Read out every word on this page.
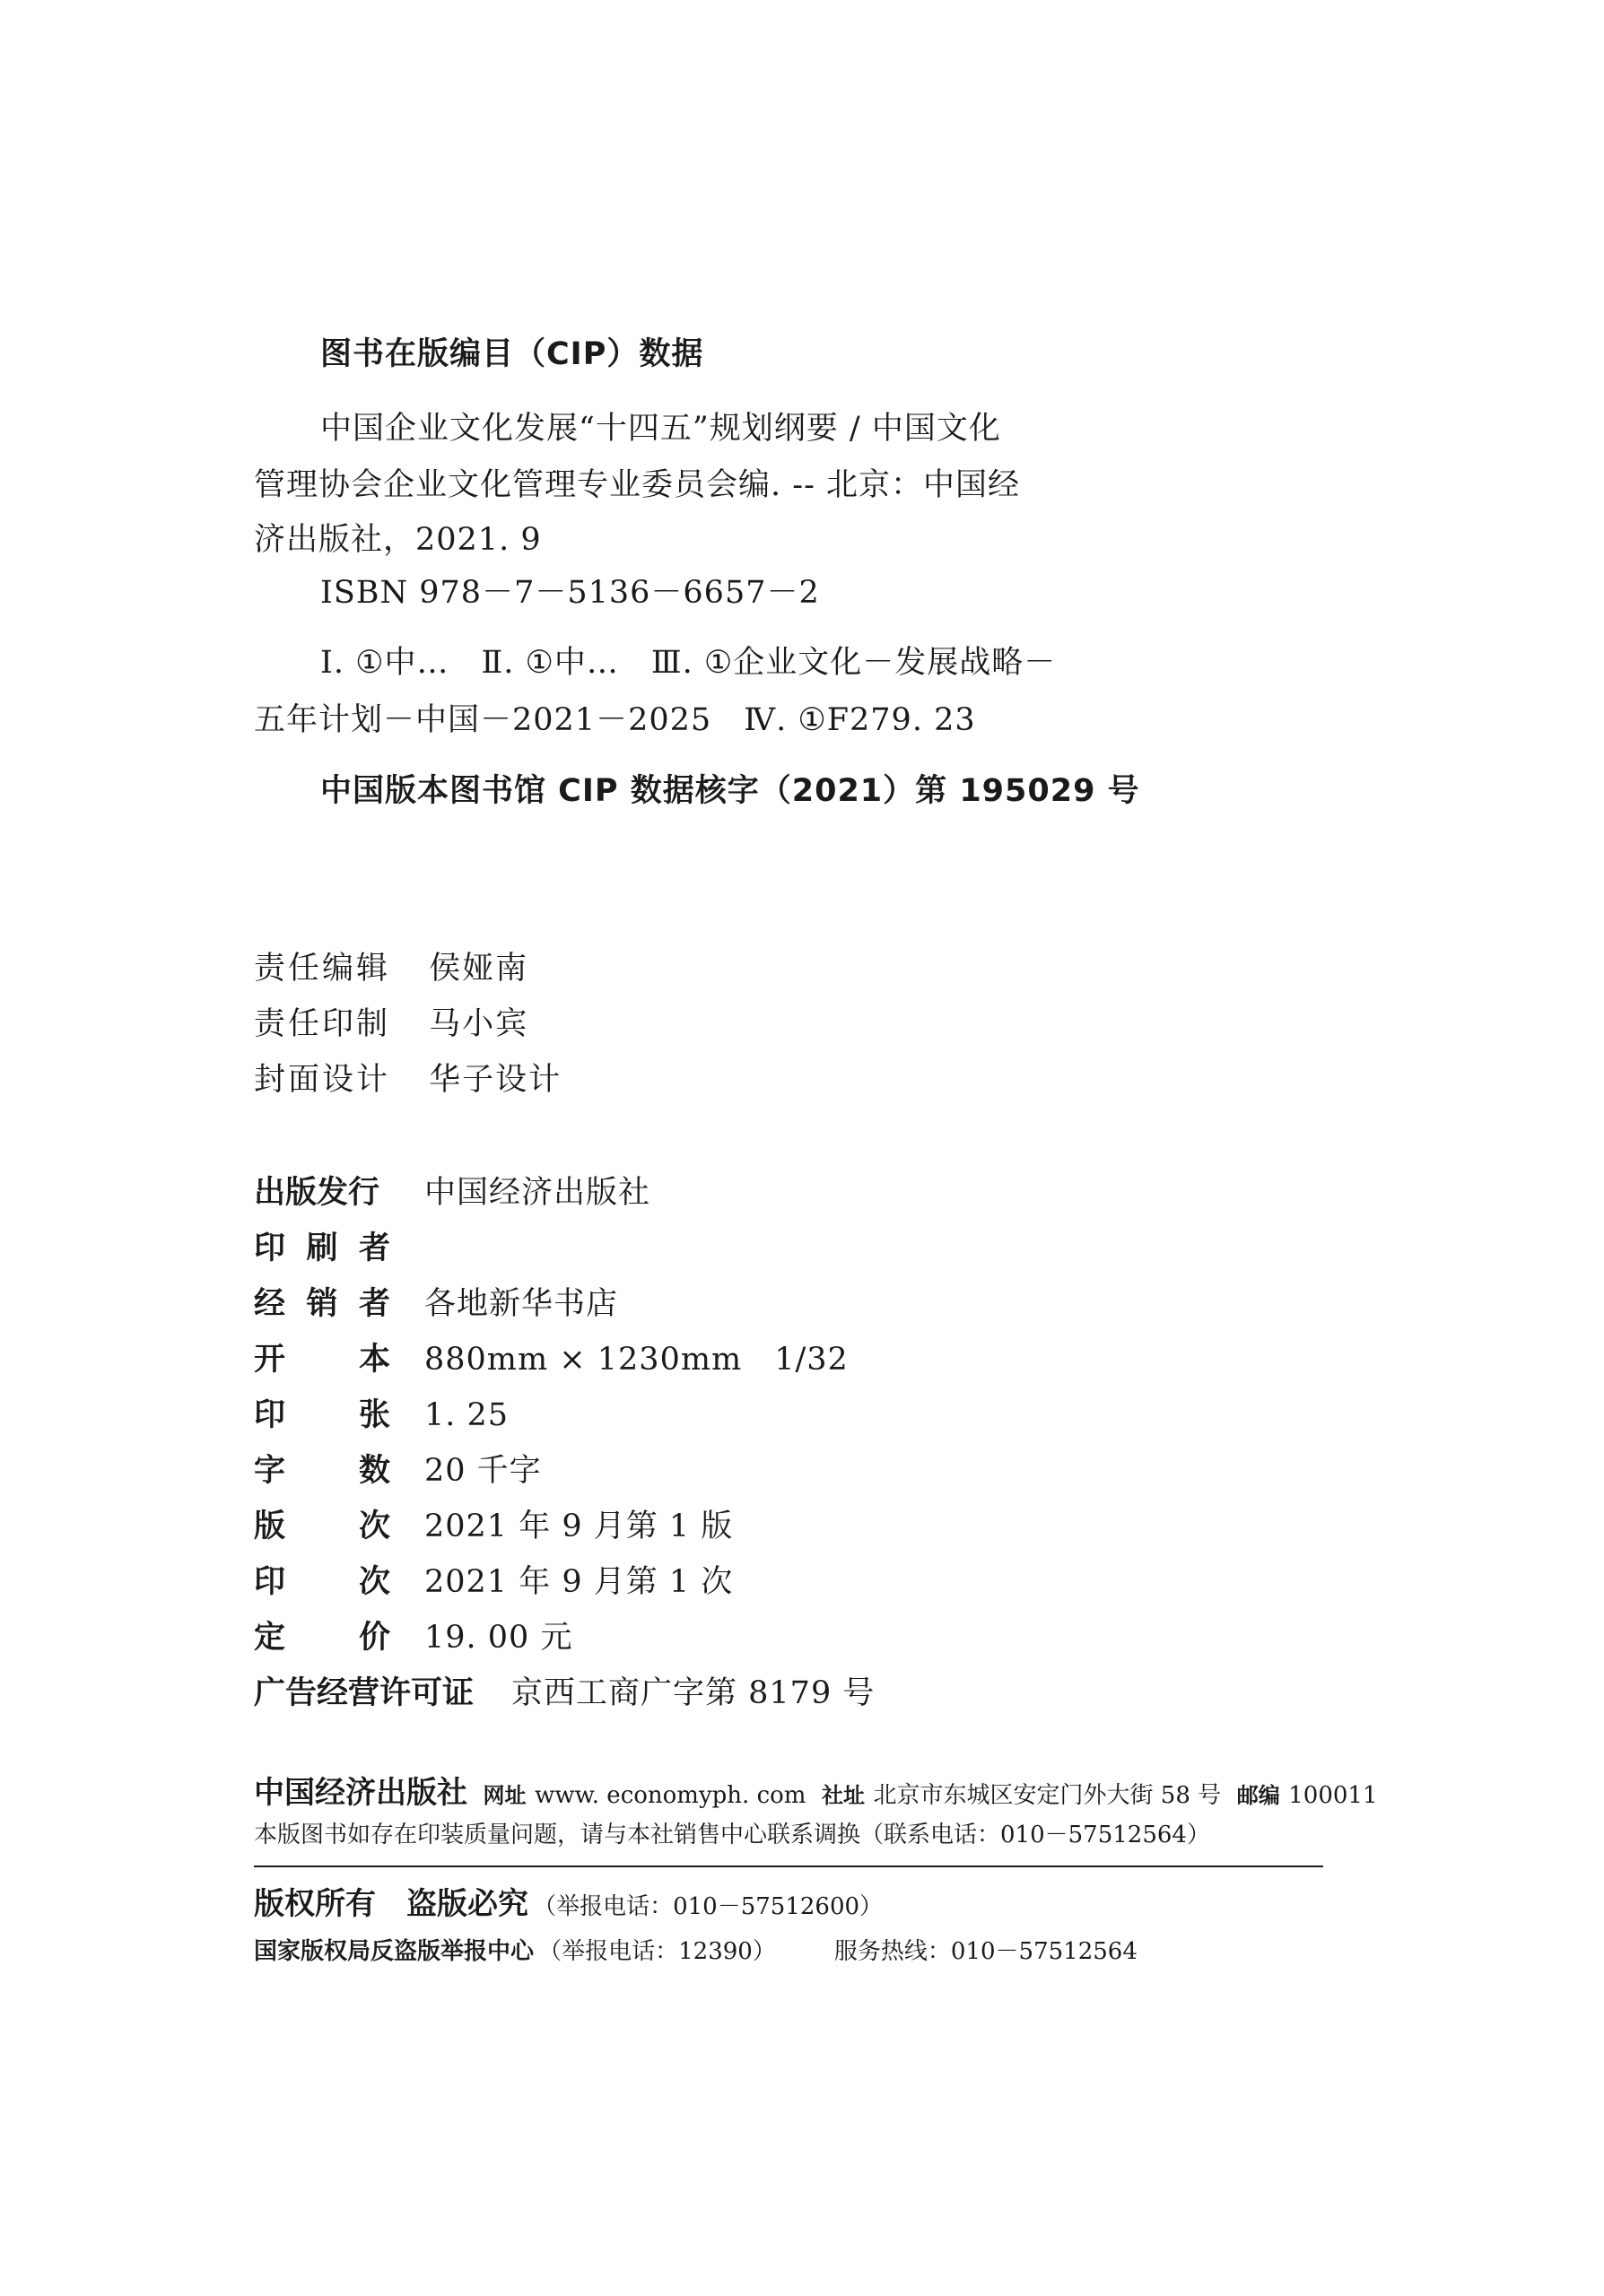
图书在版编目（CIP）数据
中国企业文化发展“十四五”规划纲要 / 中国文化
管理协会企业文化管理专业委员会编. -- 北京：中国经
济出版社，2021. 9
ISBN 978－7－5136－6657－2
Ⅰ. ①中…　Ⅱ. ①中…　Ⅲ. ①企业文化－发展战略－
五年计划－中国－2021－2025　Ⅳ. ①F279. 23
中国版本图书馆 CIP 数据核字（2021）第 195029 号
责任编辑 侯娅南
责任印制 马小宾
封面设计 华子设计
出版发行 中国经济出版社
印 刷 者
经 销 者 各地新华书店
开 本 880mm × 1230mm　1/32
印 张 1. 25
字 数 20 千字
版 次 2021 年 9 月第 1 版
印 次 2021 年 9 月第 1 次
定 价 19. 00 元
广告经营许可证 京西工商广字第 8179 号
中国经济出版社 网址 www. economyph. com 社址 北京市东城区安定门外大街 58 号 邮编 100011
本版图书如存在印装质量问题，请与本社销售中心联系调换（联系电话：010－57512564）
版权所有　盗版必究 （举报电话：010－57512600）
国家版权局反盗版举报中心 （举报电话：12390）	服务热线：010－57512564
